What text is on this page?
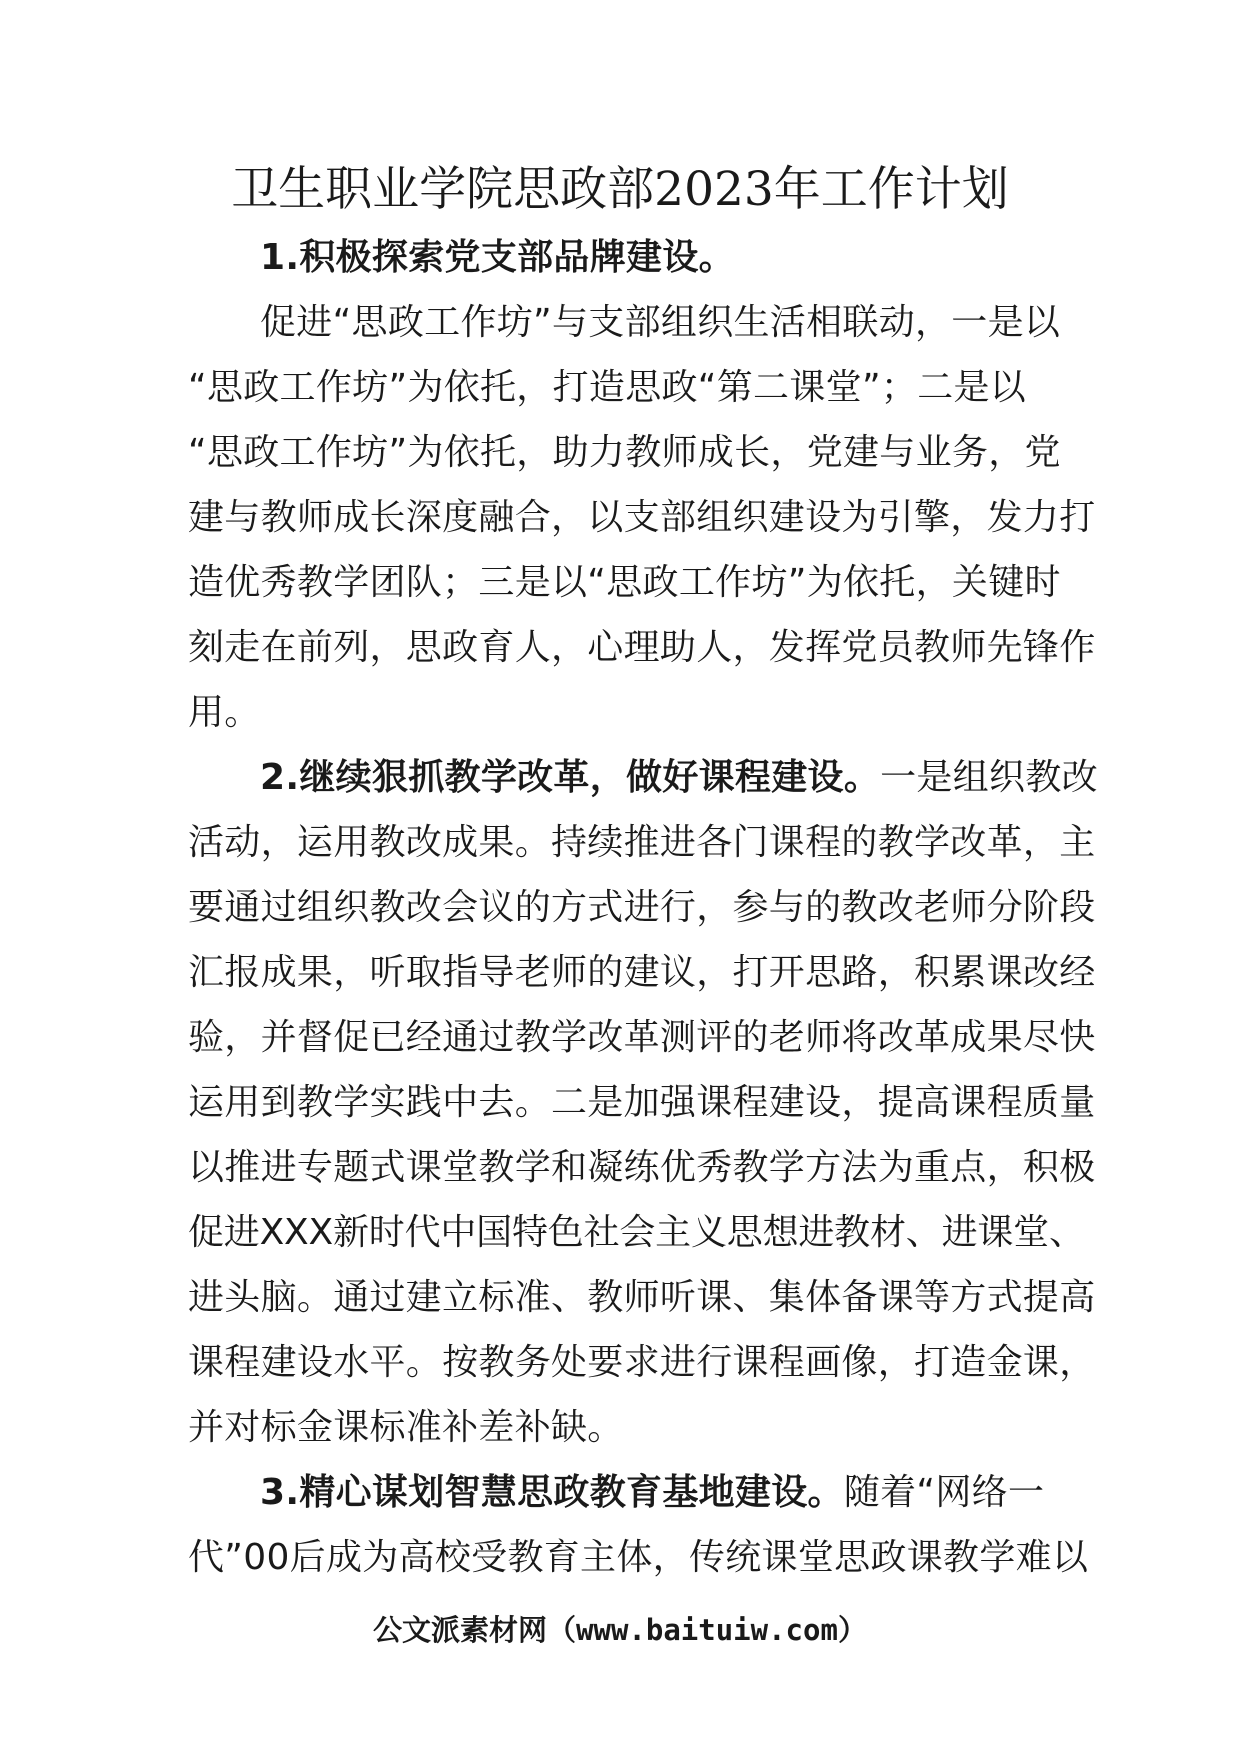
卫生职业学院思政部2023年工作计划
1.积极探索党支部品牌建设。
促进“思政工作坊”与支部组织生活相联动，一是以
“思政工作坊”为依托，打造思政“第二课堂”；二是以
“思政工作坊”为依托，助力教师成长，党建与业务，党
建与教师成长深度融合，以支部组织建设为引擎，发力打
造优秀教学团队；三是以“思政工作坊”为依托，关键时
刻走在前列，思政育人，心理助人，发挥党员教师先锋作
用。
2.继续狠抓教学改革，做好课程建设。一是组织教改
活动，运用教改成果。持续推进各门课程的教学改革，主
要通过组织教改会议的方式进行，参与的教改老师分阶段
汇报成果，听取指导老师的建议，打开思路，积累课改经
验，并督促已经通过教学改革测评的老师将改革成果尽快
运用到教学实践中去。二是加强课程建设，提高课程质量
以推进专题式课堂教学和凝练优秀教学方法为重点，积极
促进XXX新时代中国特色社会主义思想进教材、进课堂、
进头脑。通过建立标准、教师听课、集体备课等方式提高
课程建设水平。按教务处要求进行课程画像，打造金课，
并对标金课标准补差补缺。
3.精心谋划智慧思政教育基地建设。随着“网络一
代”00后成为高校受教育主体，传统课堂思政课教学难以
公文派素材网（www.baituiw.com）
